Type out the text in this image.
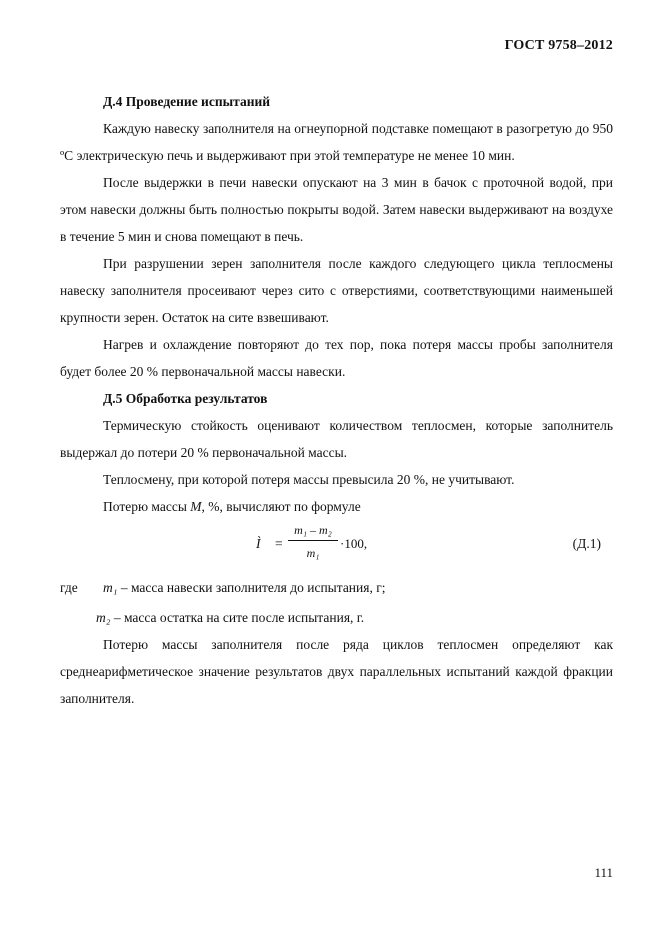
ГОСТ 9758–2012
Д.4 Проведение испытаний

Каждую навеску заполнителя на огнеупорной подставке помещают в разогретую до 950 ºС электрическую печь и выдерживают при этой температуре не менее 10 мин.

После выдержки в печи навески опускают на 3 мин в бачок с проточной водой, при этом навески должны быть полностью покрыты водой. Затем навески выдерживают на воздухе в течение 5 мин и снова помещают в печь.

При разрушении зерен заполнителя после каждого следующего цикла теплосмены навеску заполнителя просеивают через сито с отверстиями, соответствующими наименьшей крупности зерен. Остаток на сите взвешивают.

Нагрев и охлаждение повторяют до тех пор, пока потеря массы пробы заполнителя будет более 20 % первоначальной массы навески.

Д.5 Обработка результатов

Термическую стойкость оценивают количеством теплосмен, которые заполнитель выдержал до потери 20 % первоначальной массы.

Теплосмену, при которой потеря массы превысила 20 %, не учитывают.

Потерю массы М, %, вычисляют по формуле

Ì = $\frac{\text{m₁ – m₂}}{\text{m₁}} \cdot 100$,	(Д.1)
где m₁ – масса навески заполнителя до испытания, г;
m₂ – масса остатка на сите после испытания, г.

Потерю массы заполнителя после ряда циклов теплосмен определяют как среднеарифметическое значение результатов двух параллельных испытаний каждой фракции заполнителя.

111
